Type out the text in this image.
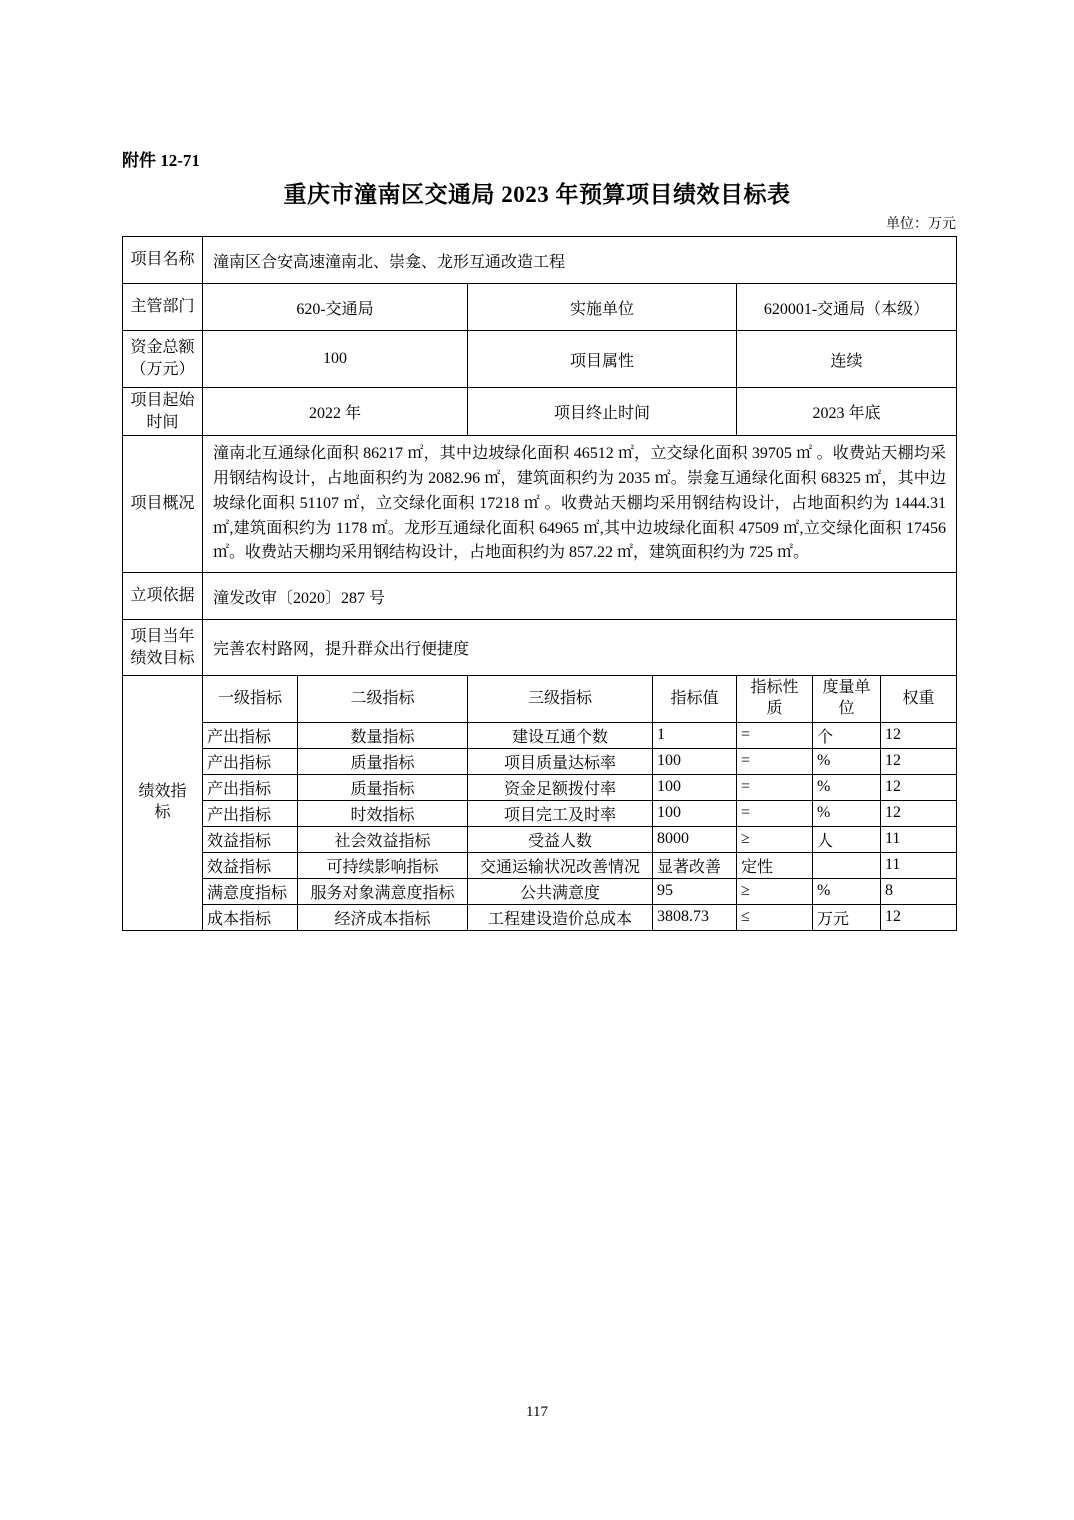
附件 12-71
重庆市潼南区交通局 2023 年预算项目绩效目标表
单位：万元
项目名称	潼南区合安高速潼南北、崇龛、龙形互通改造工程						
主管部门	620-交通局		实施单位		620001-交通局（本级）		
资金总额（万元）	100		项目属性		连续		
项目起始时间	2022 年		项目终止时间		2023 年底		
项目概况	潼南北互通绿化面积 86217 ㎡，其中边坡绿化面积 46512 ㎡，立交绿化面积 39705 ㎡ 。收费站天棚均采用钢结构设计，占地面积约为 2082.96 ㎡，建筑面积约为 2035 ㎡。崇龛互通绿化面积 68325 ㎡，其中边坡绿化面积 51107 ㎡，立交绿化面积 17218 ㎡ 。收费站天棚均采用钢结构设计，占地面积约为 1444.31 ㎡,建筑面积约为 1178 ㎡。龙形互通绿化面积 64965 ㎡,其中边坡绿化面积 47509 ㎡,立交绿化面积 17456 ㎡。收费站天棚均采用钢结构设计，占地面积约为 857.22 ㎡，建筑面积约为 725 ㎡。						
立项依据	潼发改审〔2020〕287 号						
项目当年绩效目标	完善农村路网，提升群众出行便捷度						
绩效指标	一级指标	二级指标	三级指标	指标值	指标性质	度量单位	权重
	产出指标	数量指标	建设互通个数	1	=	个	12
	产出指标	质量指标	项目质量达标率	100	=	%	12
	产出指标	质量指标	资金足额拨付率	100	=	%	12
	产出指标	时效指标	项目完工及时率	100	=	%	12
	效益指标	社会效益指标	受益人数	8000	≥	人	11
	效益指标	可持续影响指标	交通运输状况改善情况	显著改善	定性		11
	满意度指标	服务对象满意度指标	公共满意度	95	≥	%	8
	成本指标	经济成本指标	工程建设造价总成本	3808.73	≤	万元	12
117
